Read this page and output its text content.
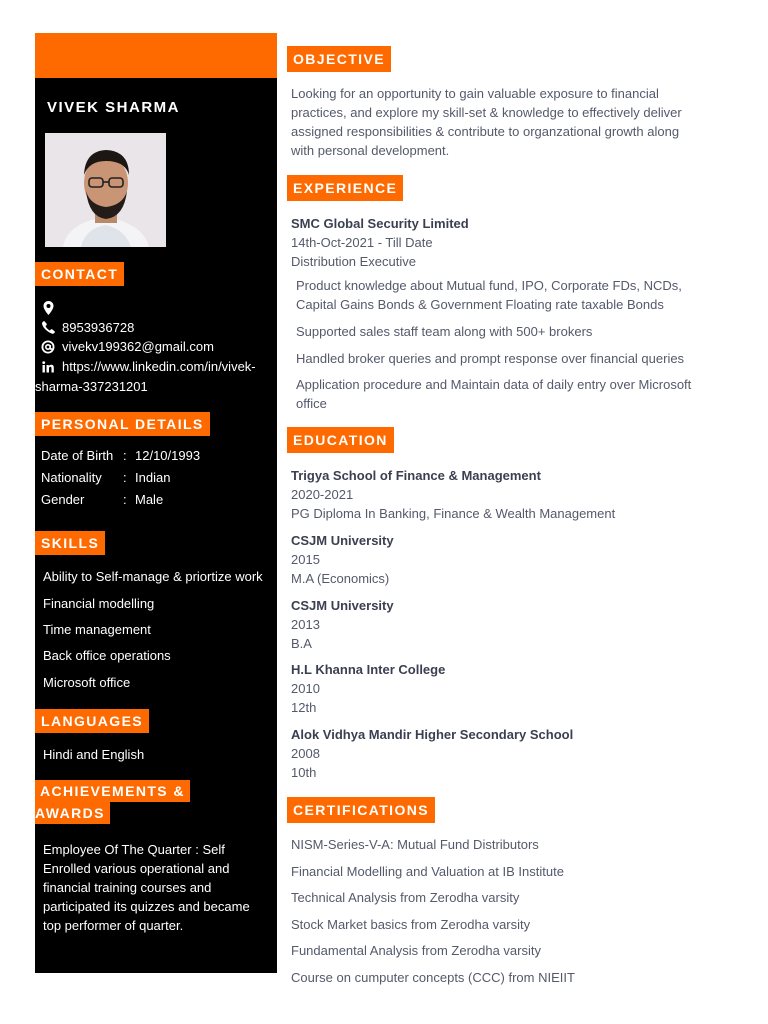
VIVEK SHARMA
CONTACT
8953936728
vivekv199362@gmail.com
https://www.linkedin.com/in/vivek-
sharma-337231201
PERSONAL DETAILS
Date of Birth : 12/10/1993
Nationality : Indian
Gender	: Male
SKILLS
Ability to Self-manage & priortize work
Financial modelling
Time management
Back office operations
Microsoft office
LANGUAGES
Hindi and English
ACHIEVEMENTS &
AWARDS
Employee Of The Quarter : Self
Enrolled various operational and
financial training courses and
participated its quizzes and became
top performer of quarter.
OBJECTIVE
Looking for an opportunity to gain valuable exposure to financial
practices, and explore my skill-set & knowledge to effectively deliver
assigned responsibilities & contribute to organzational growth along
with personal development.
EXPERIENCE
SMC Global Security Limited
14th-Oct-2021 - Till Date
Distribution Executive
Product knowledge about Mutual fund, IPO, Corporate FDs, NCDs,
Capital Gains Bonds & Government Floating rate taxable Bonds
Supported sales staff team along with 500+ brokers
Handled broker queries and prompt response over financial queries
Application procedure and Maintain data of daily entry over Microsoft
office
EDUCATION
Trigya School of Finance & Management
2020-2021
PG Diploma In Banking, Finance & Wealth Management
CSJM University
2015
M.A (Economics)
CSJM University
2013
B.A
H.L Khanna Inter College
2010
12th
Alok Vidhya Mandir Higher Secondary School
2008
10th
CERTIFICATIONS
NISM-Series-V-A: Mutual Fund Distributors
Financial Modelling and Valuation at IB Institute
Technical Analysis from Zerodha varsity
Stock Market basics from Zerodha varsity
Fundamental Analysis from Zerodha varsity
Course on cumputer concepts (CCC) from NIEIIT
